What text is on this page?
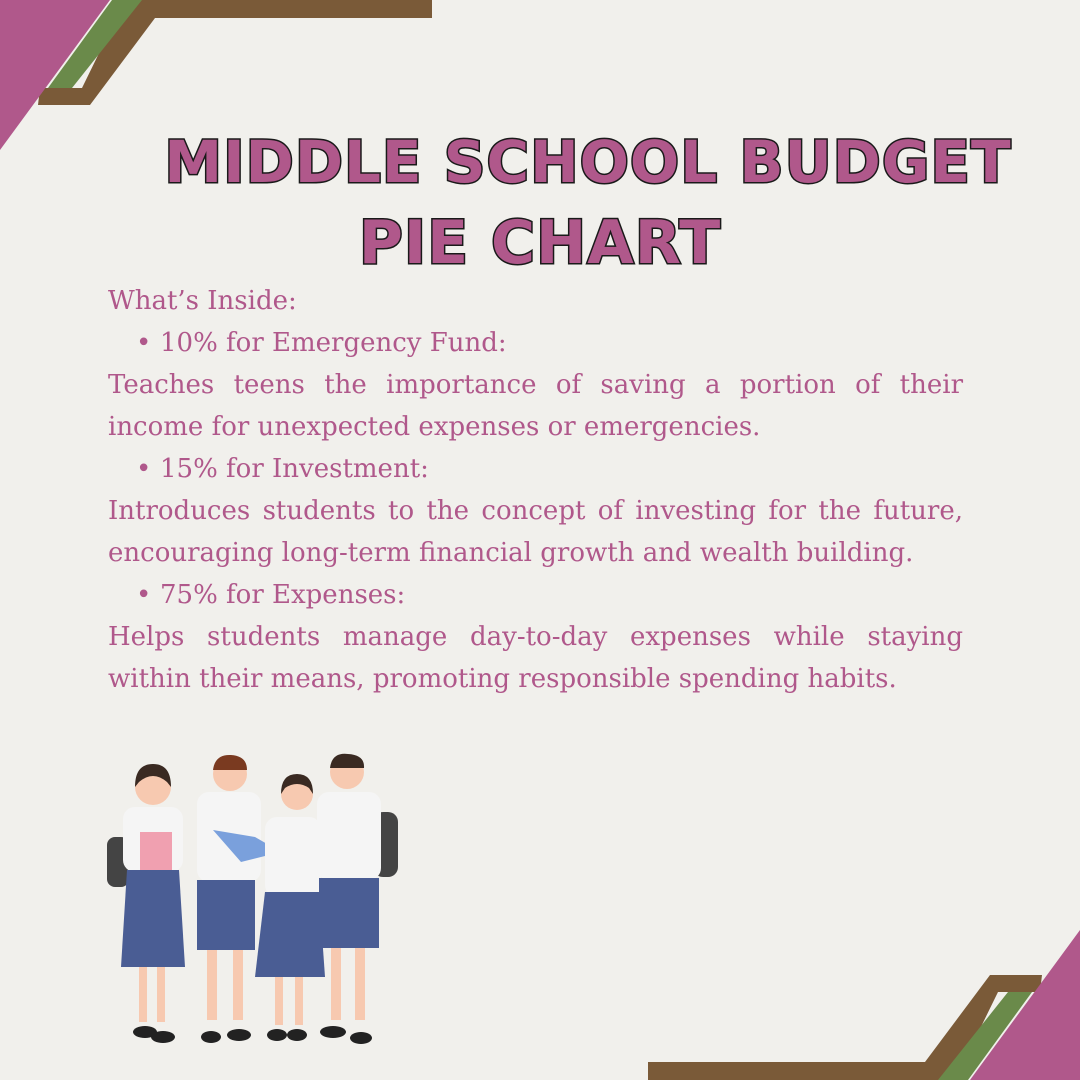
MIDDLE SCHOOL BUDGET
PIE CHART

What’s Inside:

• 10% for Emergency Fund:

Teaches teens the importance of saving a portion of their income for unexpected expenses or emergencies.

• 15% for Investment:

Introduces students to the concept of investing for the future, encouraging long-term financial growth and wealth building.

• 75% for Expenses:

Helps students manage day-to-day expenses while staying within their means, promoting responsible spending habits.
